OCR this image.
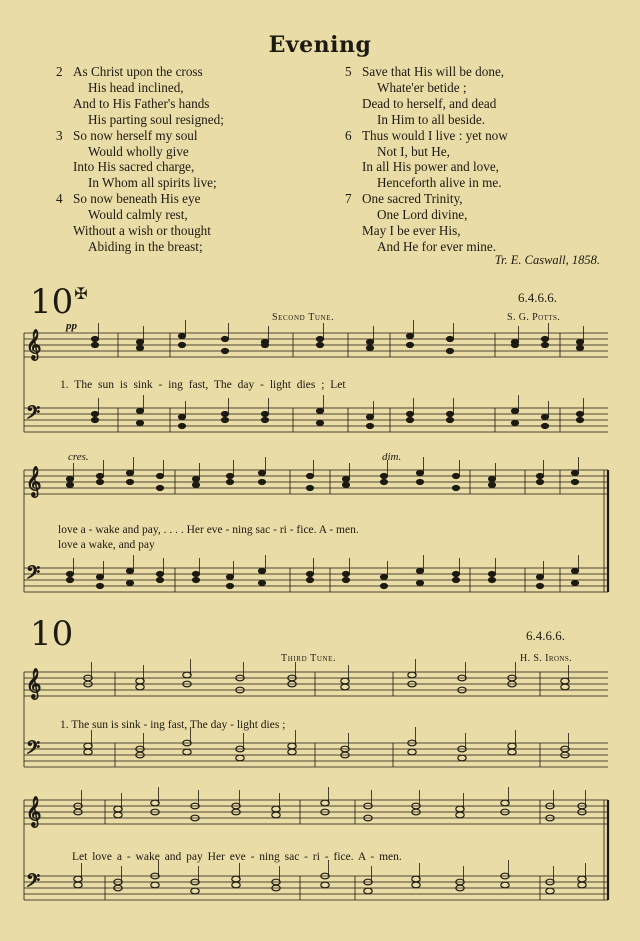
Evening
2 As Christ upon the cross
His head inclined,
And to His Father's hands
His parting soul resigned;
3 So now herself my soul
Would wholly give
Into His sacred charge,
In Whom all spirits live;
4 So now beneath His eye
Would calmly rest,
Without a wish or thought
Abiding in the breast;
5 Save that His will be done,
Whate'er betide ;
Dead to herself, and dead
In Him to all beside.
6 Thus would I live : yet now
Not I, but He,
In all His power and love,
Henceforth alive in me.
7 One sacred Trinity,
One Lord divine,
May I be ever His,
And He for ever mine.
Tr. E. Caswall, 1858.
10✠	6.4.6.6.
Second Tune.	S. G. Potts.
10	6.4.6.6.
Third Tune.	H. S. Irons.
pp
cres.	dim.
1. The sun is sink - ing fast, The day - light dies ; Let
love a - wake and pay, . . . . Her eve - ning sac - ri - fice. A - men.
love a wake, and pay
1. The sun is sink - ing fast, The day - light dies ;
Let love a - wake and pay Her eve - ning sac - ri - fice. A - men.
𝄞
𝄢
𝄞
𝄢
𝄞
𝄢
𝄞
𝄢
